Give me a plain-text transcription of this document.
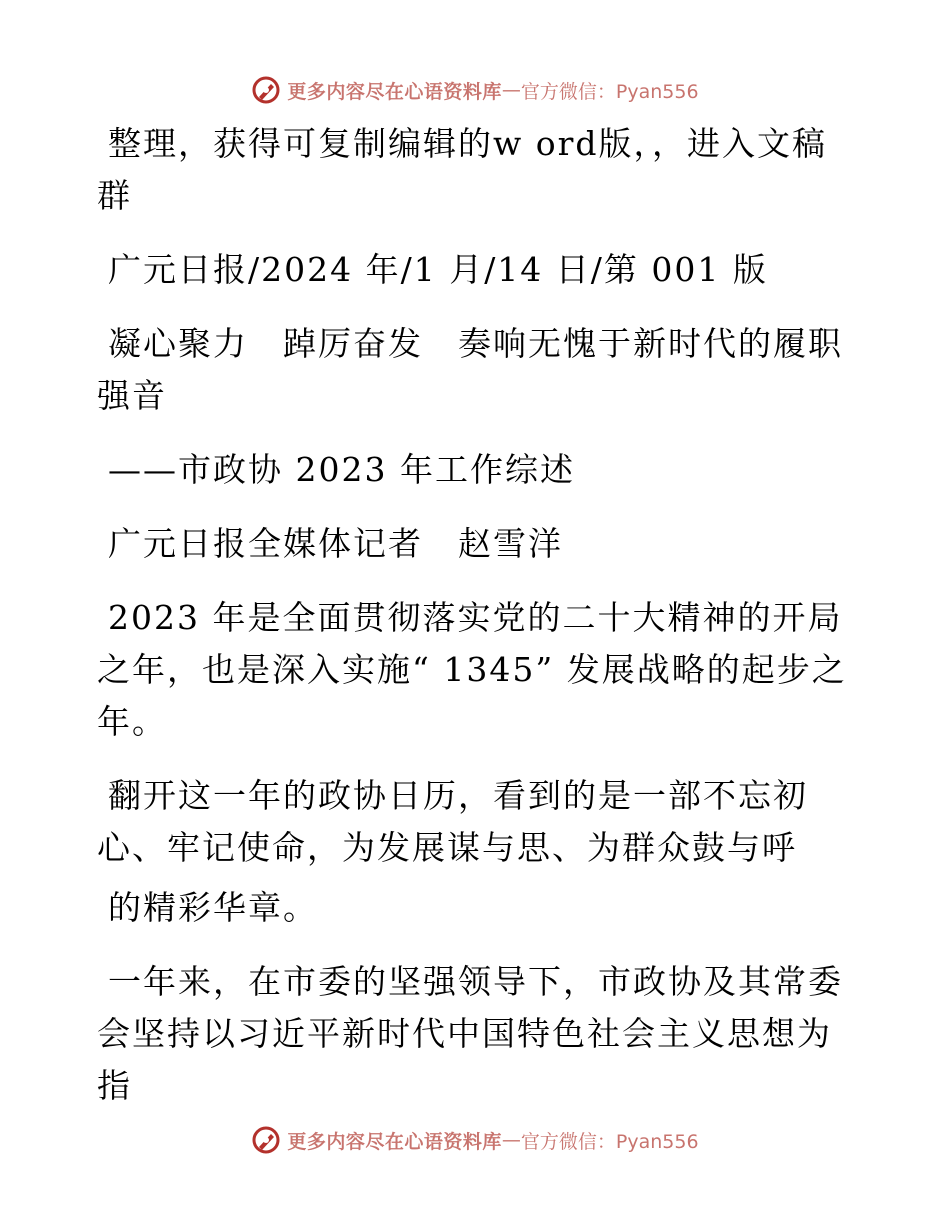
更多内容尽在心语资料库 — 官方微信：Pyan556

整理，获得可复制编辑的w ord版，，进入文稿群

广元日报/2024 年/1 月/14 日/第 001 版

凝心聚力　踔厉奋发　奏响无愧于新时代的履职强音

——市政协 2023 年工作综述

广元日报全媒体记者　赵雪洋

2023 年是全面贯彻落实党的二十大精神的开局之年，也是深入实施“ 1345” 发展战略的起步之年。

翻开这一年的政协日历，看到的是一部不忘初心、牢记使命，为发展谋与思、为群众鼓与呼

的精彩华章。

一年来，在市委的坚强领导下，市政协及其常委会坚持以习近平新时代中国特色社会主义思想为指

更多内容尽在心语资料库 — 官方微信：Pyan556
